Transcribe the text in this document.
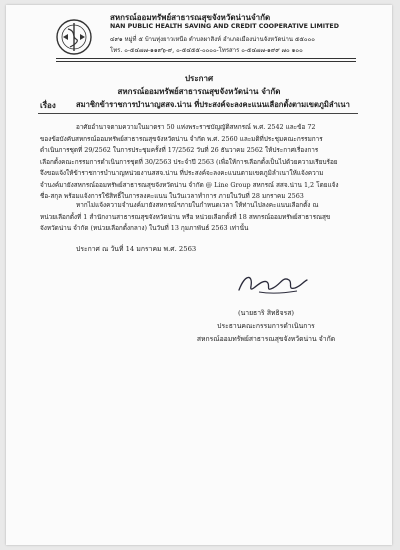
สหกรณ์ออมทรัพย์สาธารณสุขจังหวัดน่านจำกัด
NAN PUBLIC HEALTH SAVING AND CREDIT COOPERATIVE LIMITED
๔๙๑ หมู่ที่ ๕ บ้านทุ่งยาวเหนือ ตำบลผาสิงห์ อำเภอเมืองน่านจังหวัดน่าน ๕๕๐๐๐
โทร. ๐-๕๔๗๗-๑๑๙๖-๙, ๐-๕๔๕๕-๐๐๐๐-โทรสาร ๐-๕๔๗๗-๑๙๙ ๗๐ ๑๐๐
ประกาศ
สหกรณ์ออมทรัพย์สาธารณสุขจังหวัดน่าน จำกัด
เรื่อง	สมาชิกข้าราชการบำนาญสสจ.น่าน ที่ประสงค์จะลงคะแนนเลือกตั้งตามเขตภูมิลำเนา
อาศัยอำนาจตามความในมาตรา 50 แห่งพระราชบัญญัติสหกรณ์ พ.ศ. 2542 และข้อ 72
ของข้อบังคับสหกรณ์ออมทรัพย์สาธารณสุขจังหวัดน่าน จำกัด พ.ศ. 2560 และมติที่ประชุมคณะกรรมการ
ดำเนินการชุดที่ 29/2562 ในการประชุมครั้งที่ 17/2562 วันที่ 26 ธันวาคม 2562 ให้ประกาศเรื่องการ
เลือกตั้งคณะกรรมการดำเนินการชุดที่ 30/2563 ประจำปี 2563 (เพื่อให้การเลือกตั้งเป็นไปด้วยความเรียบร้อย
จึงขอแจ้งให้ข้าราชการบำนาญหน่วยงานสสจ.น่าน ที่ประสงค์จะลงคะแนนตามเขตภูมิลำเนาให้แจ้งความ
จำนงค์มายังสหกรณ์ออมทรัพย์สาธารณสุขจังหวัดน่าน จำกัด @ Line Group สหกรณ์ สสจ.น่าน 1,2 โดยแจ้ง
ชื่อ-สกุล พร้อมแจ้งการใช้สิทธิ์ในการลงคะแนน ในวันเวลาทำการ ภายในวันที่ 28 มกราคม 2563
หากไม่แจ้งความจำนงค์มายังสหกรณ์ฯภายในกำหนดเวลา ให้ท่านไปลงคะแนนเลือกตั้ง ณ
หน่วยเลือกตั้งที่ 1 สำนักงานสาธารณสุขจังหวัดน่าน หรือ หน่วยเลือกตั้งที่ 18 สหกรณ์ออมทรัพย์สาธารณสุข
จังหวัดน่าน จำกัด (หน่วยเลือกตั้งกลาง) ในวันที่ 13 กุมภาพันธ์ 2563 เท่านั้น
ประกาศ ณ วันที่ 14 มกราคม พ.ศ. 2563
(นายธาริ สิทธิจรส)
ประธานคณะกรรมการดำเนินการ
สหกรณ์ออมทรัพย์สาธารณสุขจังหวัดน่าน จำกัด
